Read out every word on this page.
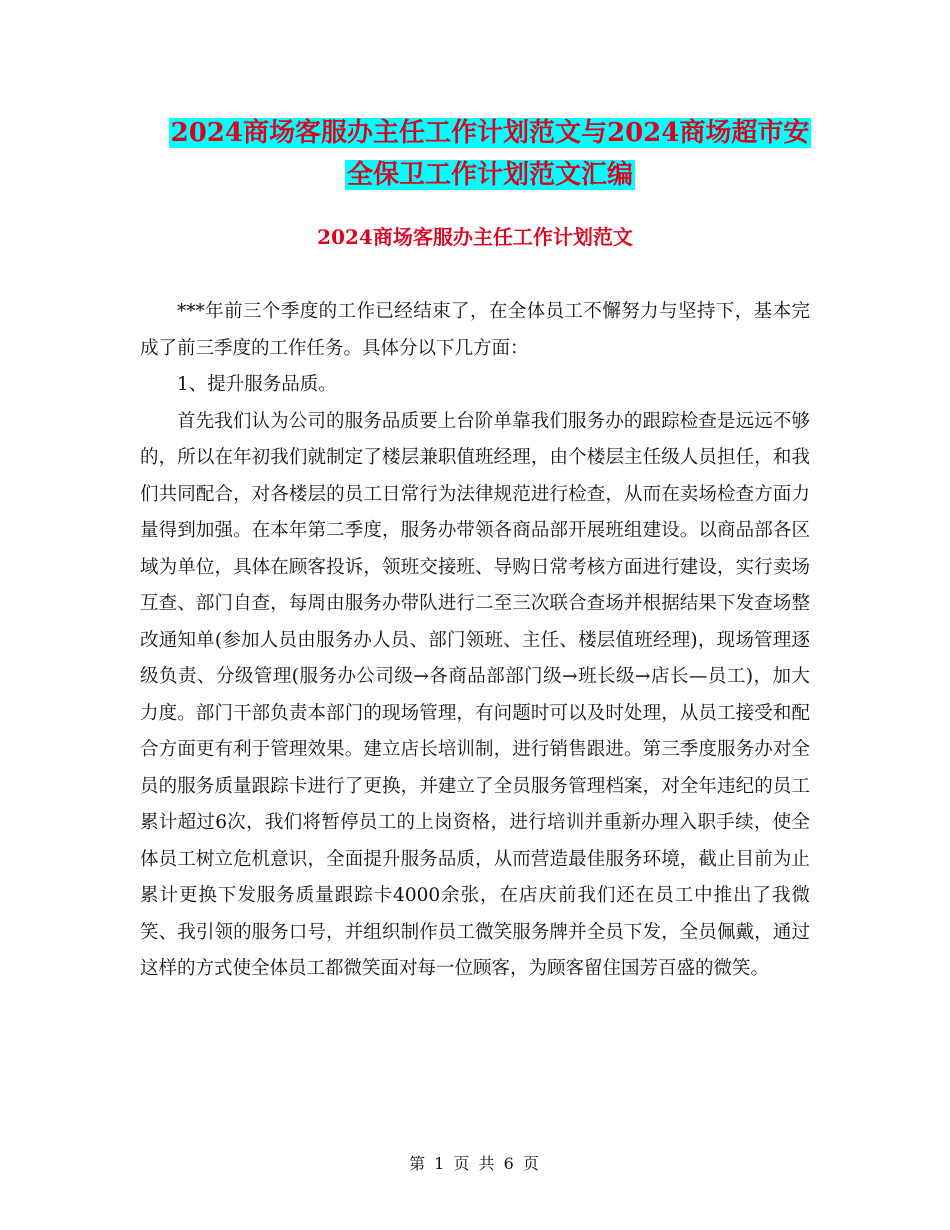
2024商场客服办主任工作计划范文与2024商场超市安
全保卫工作计划范文汇编
2024商场客服办主任工作计划范文

***年前三个季度的工作已经结束了，在全体员工不懈努力与坚持下，基本完成了前三季度的工作任务。具体分以下几方面：

1、提升服务品质。

首先我们认为公司的服务品质要上台阶单靠我们服务办的跟踪检查是远远不够的，所以在年初我们就制定了楼层兼职值班经理，由个楼层主任级人员担任，和我们共同配合，对各楼层的员工日常行为法律规范进行检查，从而在卖场检查方面力量得到加强。在本年第二季度，服务办带领各商品部开展班组建设。以商品部各区域为单位，具体在顾客投诉，领班交接班、导购日常考核方面进行建设，实行卖场互查、部门自查，每周由服务办带队进行二至三次联合查场并根据结果下发查场整改通知单(参加人员由服务办人员、部门领班、主任、楼层值班经理)，现场管理逐级负责、分级管理(服务办公司级→各商品部部门级→班长级→店长—员工)，加大力度。部门干部负责本部门的现场管理，有问题时可以及时处理，从员工接受和配合方面更有利于管理效果。建立店长培训制，进行销售跟进。第三季度服务办对全员的服务质量跟踪卡进行了更换，并建立了全员服务管理档案，对全年违纪的员工累计超过6次，我们将暂停员工的上岗资格，进行培训并重新办理入职手续，使全体员工树立危机意识，全面提升服务品质，从而营造最佳服务环境，截止目前为止累计更换下发服务质量跟踪卡4000余张，在店庆前我们还在员工中推出了我微笑、我引领的服务口号，并组织制作员工微笑服务牌并全员下发，全员佩戴，通过这样的方式使全体员工都微笑面对每一位顾客，为顾客留住国芳百盛的微笑。

第 1 页 共 6 页
